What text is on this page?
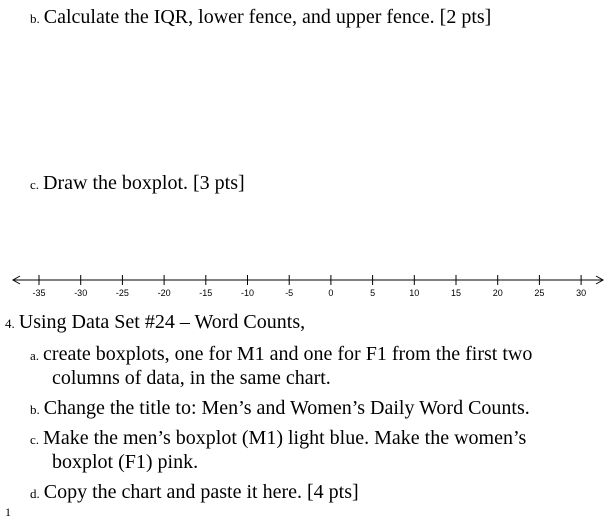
b. Calculate the IQR, lower fence, and upper fence. [2 pts]
c. Draw the boxplot. [3 pts]
-35	-30	-25	-20	-15	-10	-5	0	5	10	15	20	25	30
4. Using Data Set #24 – Word Counts,
a. create boxplots, one for M1 and one for F1 from the first two
columns of data, in the same chart.
b. Change the title to: Men’s and Women’s Daily Word Counts.
c. Make the men’s boxplot (M1) light blue. Make the women’s
boxplot (F1) pink.
d. Copy the chart and paste it here. [4 pts]
1
